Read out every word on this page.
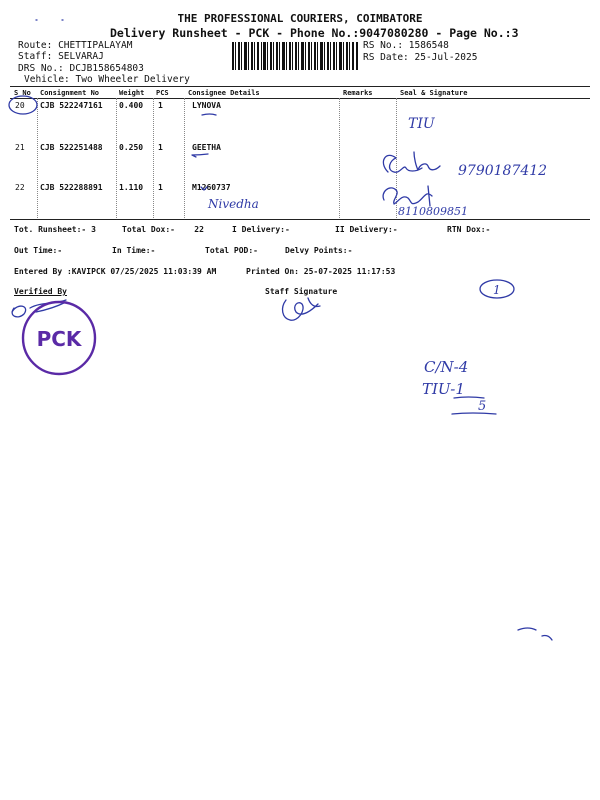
THE PROFESSIONAL COURIERS, COIMBATORE
Delivery Runsheet - PCK - Phone No.:9047080280 - Page No.:3
Route: CHETTIPALAYAM
Staff: SELVARAJ
DRS No.: DCJB158654803
Vehicle: Two Wheeler Delivery
RS No.: 1586548
RS Date: 25-Jul-2025
S No Consignment No	Weight PCS	Consignee Details	Remarks	Seal & Signature
20 CJB 522247161 0.400 1	LYNOVA
21 CJB 522251488 0.250 1	GEETHA
22 CJB 522288891 1.110 1	M1260737
Tot. Runsheet:- 3	Total Dox:- 22	I Delivery:-	II Delivery:-	RTN Dox:-
Out Time:-	In Time:-	Total POD:-	Delvy Points:-
Entered By :KAVIPCK 07/25/2025 11:03:39 AM	Printed On: 25-07-2025 11:17:53
Verified By	Staff Signature
TIU
9790187412
8110809851
Nivedha
1
PCK
C/N-4
TIU-1
5
